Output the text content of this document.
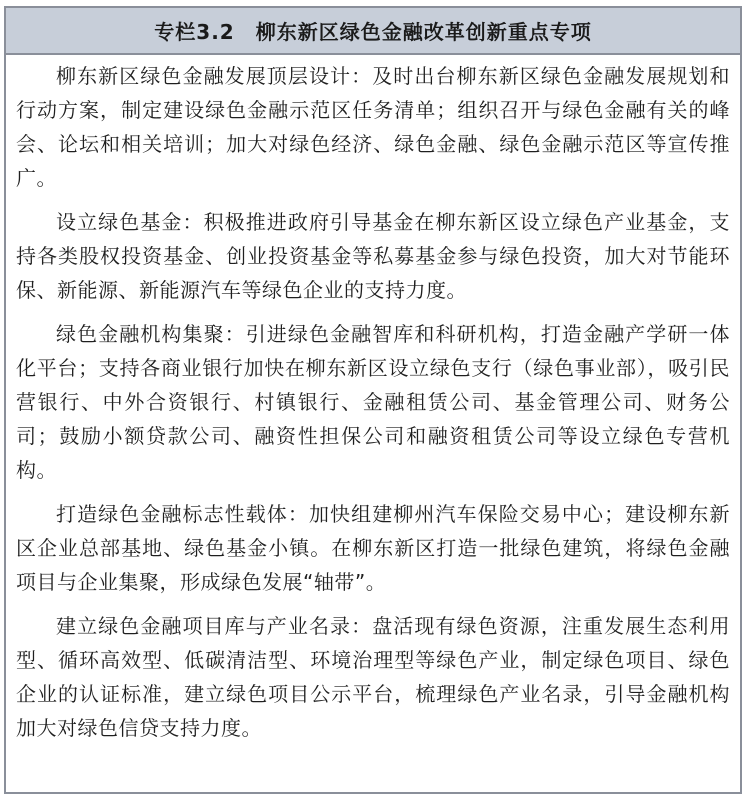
专栏3.2　柳东新区绿色金融改革创新重点专项

柳东新区绿色金融发展顶层设计：及时出台柳东新区绿色金融发展规划和行动方案，制定建设绿色金融示范区任务清单；组织召开与绿色金融有关的峰会、论坛和相关培训；加大对绿色经济、绿色金融、绿色金融示范区等宣传推广。

设立绿色基金：积极推进政府引导基金在柳东新区设立绿色产业基金，支持各类股权投资基金、创业投资基金等私募基金参与绿色投资，加大对节能环保、新能源、新能源汽车等绿色企业的支持力度。

绿色金融机构集聚：引进绿色金融智库和科研机构，打造金融产学研一体化平台；支持各商业银行加快在柳东新区设立绿色支行（绿色事业部），吸引民营银行、中外合资银行、村镇银行、金融租赁公司、基金管理公司、财务公司；鼓励小额贷款公司、融资性担保公司和融资租赁公司等设立绿色专营机构。

打造绿色金融标志性载体：加快组建柳州汽车保险交易中心；建设柳东新区企业总部基地、绿色基金小镇。在柳东新区打造一批绿色建筑，将绿色金融项目与企业集聚，形成绿色发展“轴带”。

建立绿色金融项目库与产业名录：盘活现有绿色资源，注重发展生态利用型、循环高效型、低碳清洁型、环境治理型等绿色产业，制定绿色项目、绿色企业的认证标准，建立绿色项目公示平台，梳理绿色产业名录，引导金融机构加大对绿色信贷支持力度。
